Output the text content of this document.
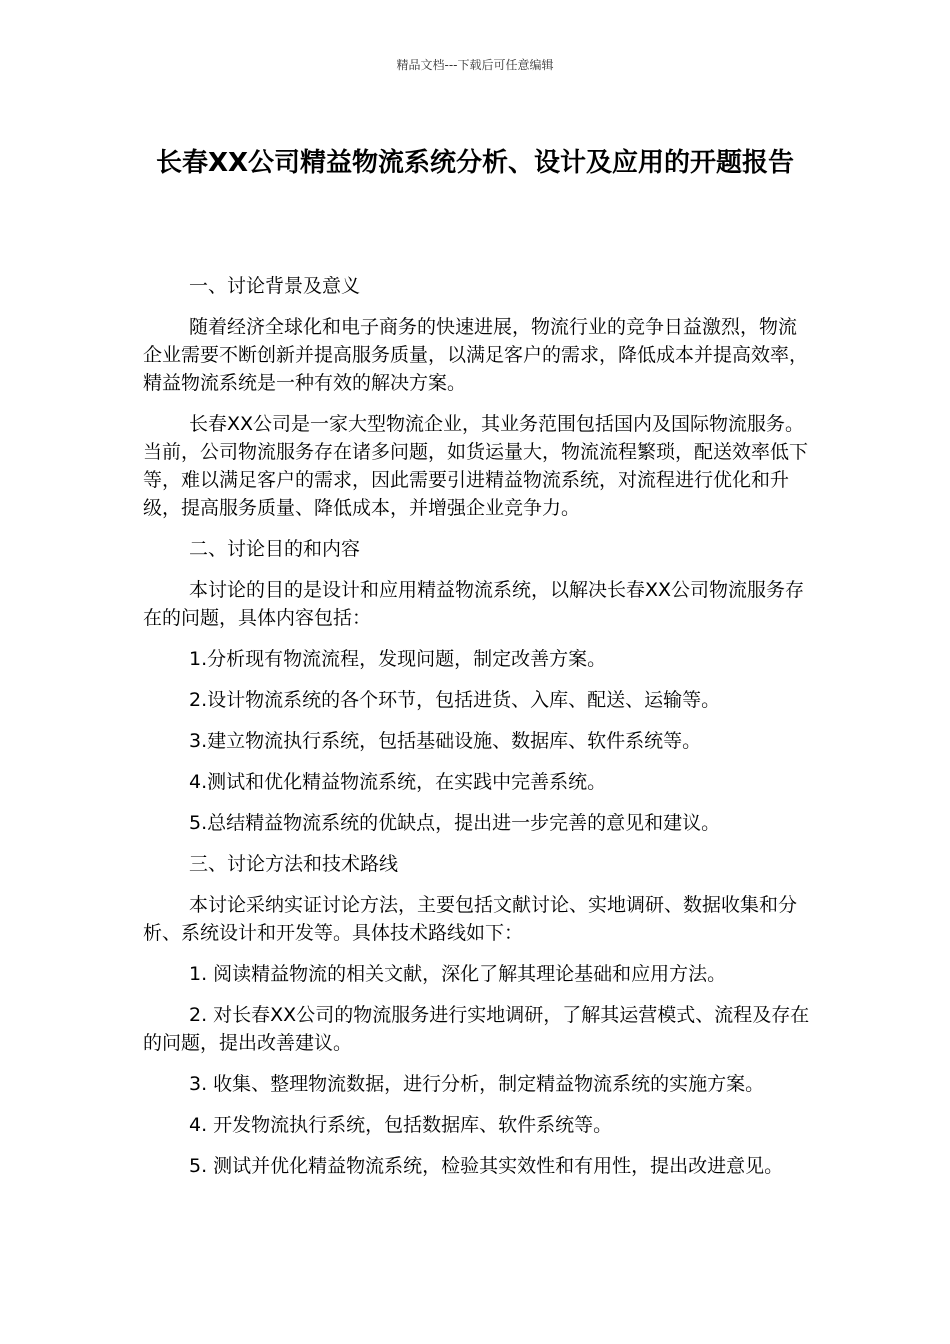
精品文档---下载后可任意编辑
长春XX公司精益物流系统分析、设计及应用的开题报告

一、讨论背景及意义

随着经济全球化和电子商务的快速进展，物流行业的竞争日益激烈，物流企业需要不断创新并提高服务质量，以满足客户的需求，降低成本并提高效率，精益物流系统是一种有效的解决方案。

长春XX公司是一家大型物流企业，其业务范围包括国内及国际物流服务。当前，公司物流服务存在诸多问题，如货运量大，物流流程繁琐，配送效率低下等，难以满足客户的需求，因此需要引进精益物流系统，对流程进行优化和升级，提高服务质量、降低成本，并增强企业竞争力。

二、讨论目的和内容

本讨论的目的是设计和应用精益物流系统，以解决长春XX公司物流服务存在的问题，具体内容包括：

1.分析现有物流流程，发现问题，制定改善方案。

2.设计物流系统的各个环节，包括进货、入库、配送、运输等。

3.建立物流执行系统，包括基础设施、数据库、软件系统等。

4.测试和优化精益物流系统，在实践中完善系统。

5.总结精益物流系统的优缺点，提出进一步完善的意见和建议。

三、讨论方法和技术路线

本讨论采纳实证讨论方法，主要包括文献讨论、实地调研、数据收集和分析、系统设计和开发等。具体技术路线如下：

1. 阅读精益物流的相关文献，深化了解其理论基础和应用方法。

2. 对长春XX公司的物流服务进行实地调研，了解其运营模式、流程及存在的问题，提出改善建议。

3. 收集、整理物流数据，进行分析，制定精益物流系统的实施方案。

4. 开发物流执行系统，包括数据库、软件系统等。

5. 测试并优化精益物流系统，检验其实效性和有用性，提出改进意见。
